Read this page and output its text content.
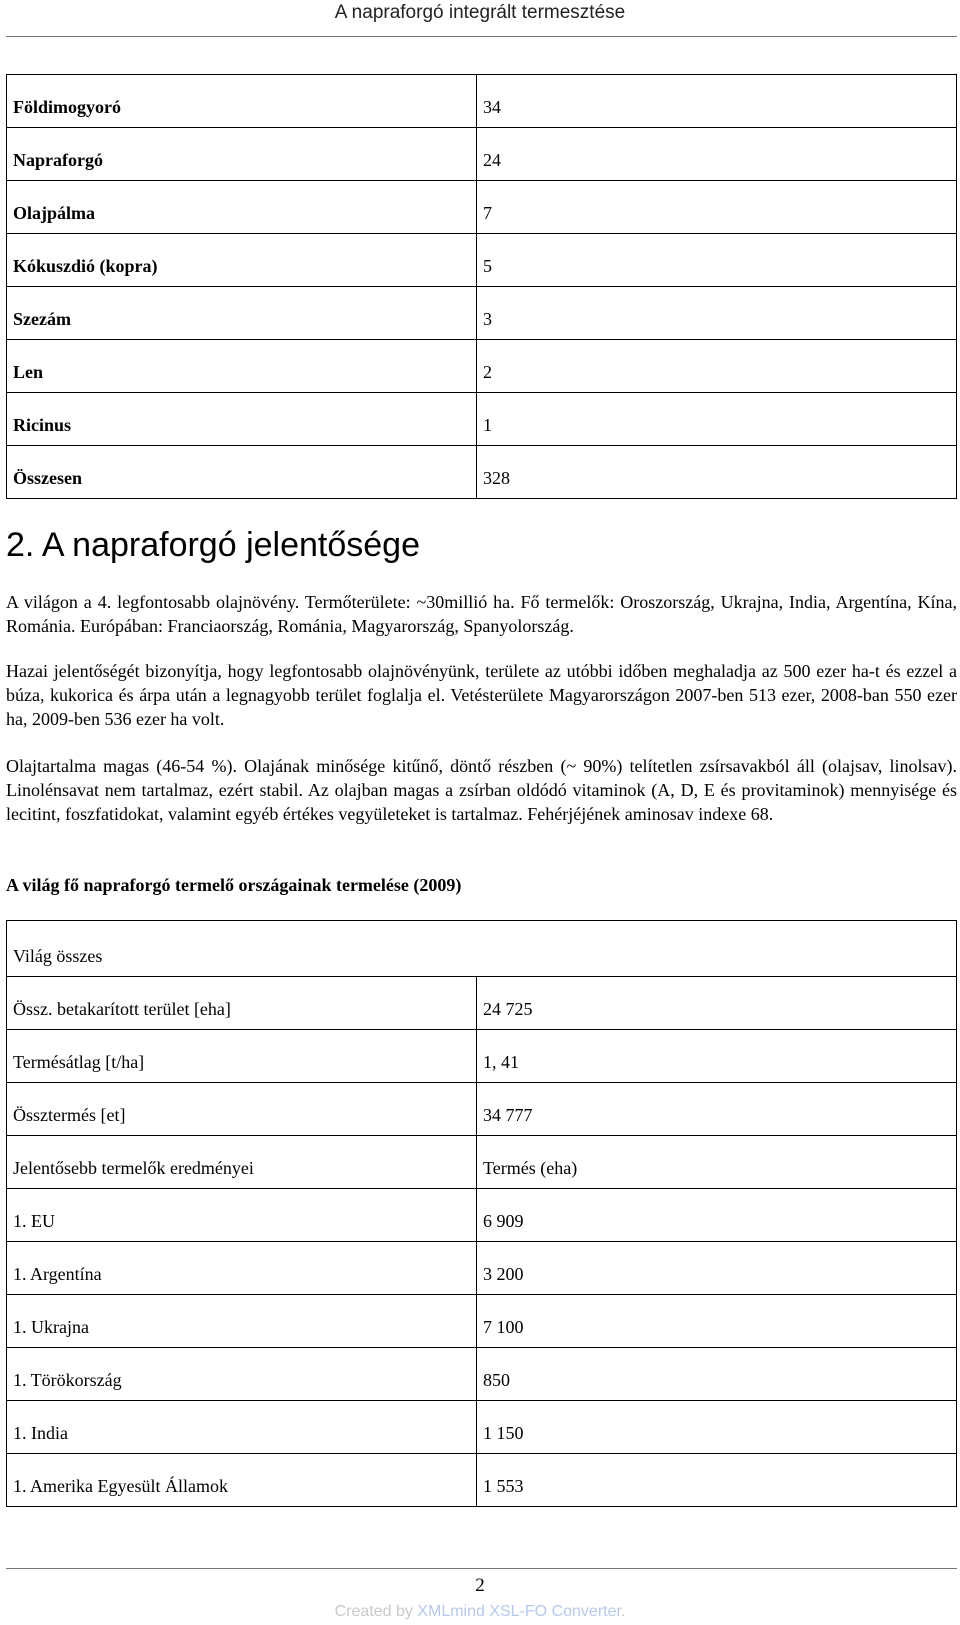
A napraforgó integrált termesztése
Földimogyoró	34
Napraforgó	24
Olajpálma	7
Kókuszdió (kopra)	5
Szezám	3
Len	2
Ricinus	1
Összesen	328
2. A napraforgó jelentősége

A világon a 4. legfontosabb olajnövény. Termőterülete: ~30millió ha. Fő termelők: Oroszország, Ukrajna, India, Argentína, Kína, Románia. Európában: Franciaország, Románia, Magyarország, Spanyolország.

Hazai jelentőségét bizonyítja, hogy legfontosabb olajnövényünk, területe az utóbbi időben meghaladja az 500 ezer ha-t és ezzel a búza, kukorica és árpa után a legnagyobb terület foglalja el. Vetésterülete Magyarországon 2007-ben 513 ezer, 2008-ban 550 ezer ha, 2009-ben 536 ezer ha volt.

Olajtartalma magas (46-54 %). Olajának minősége kitűnő, döntő részben (~ 90%) telítetlen zsírsavakból áll (olajsav, linolsav). Linolénsavat nem tartalmaz, ezért stabil. Az olajban magas a zsírban oldódó vitaminok (A, D, E és provitaminok) mennyisége és lecitint, foszfatidokat, valamint egyéb értékes vegyületeket is tartalmaz. Fehérjéjének aminosav indexe 68.

A világ fő napraforgó termelő országainak termelése (2009)

Világ összes	
Össz. betakarított terület [eha]	24 725
Termésátlag [t/ha]	1, 41
Össztermés [et]	34 777
Jelentősebb termelők eredményei	Termés (eha)
1. EU	6 909
1. Argentína	3 200
1. Ukrajna	7 100
1. Törökország	850
1. India	1 150
1. Amerika Egyesült Államok	1 553
2
Created by XMLmind XSL-FO Converter.
